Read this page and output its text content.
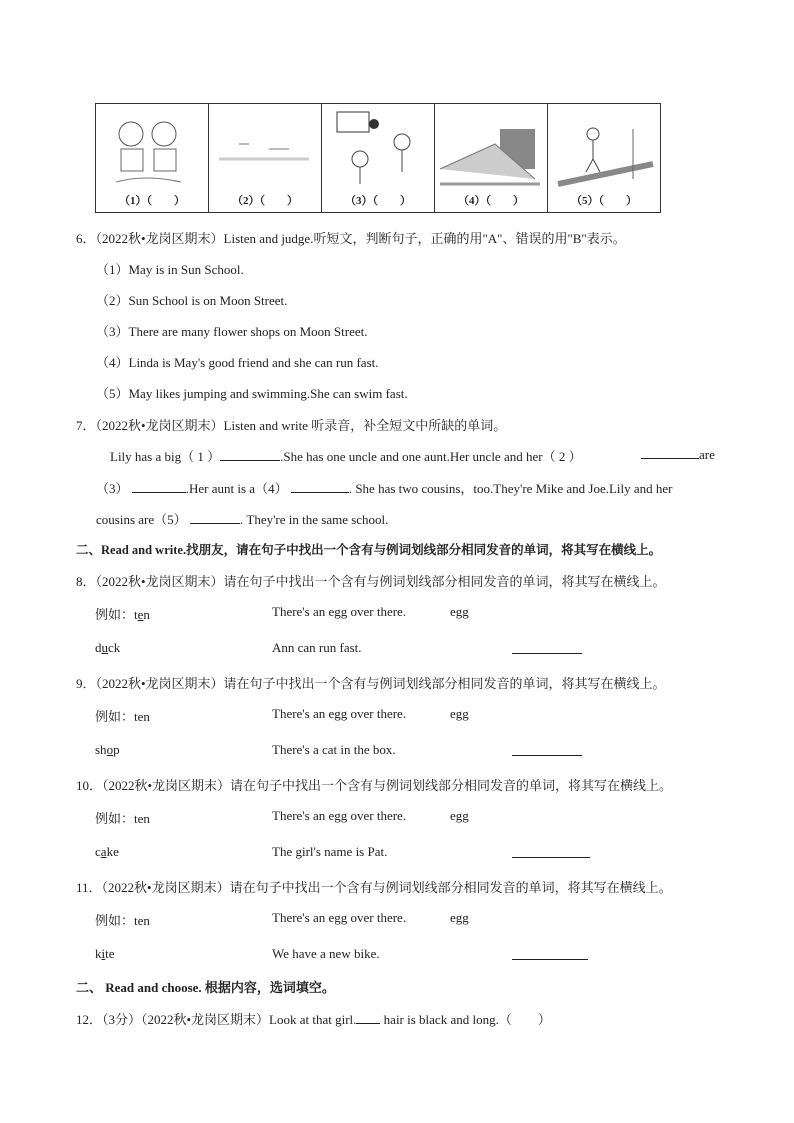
（1）（　　）	（2）（　　）	（3）（　　）	（4）（　　）	（5）（　　）
6．（2022秋•龙岗区期末）Listen and judge.听短文，判断句子，正确的用"A"、错误的用"B"表示。
（1）May is in Sun School.
（2）Sun School is on Moon Street.
（3）There are many flower shops on Moon Street.
（4）Linda is May's good friend and she can run fast.
（5）May likes jumping and swimming.She can swim fast.
7．（2022秋•龙岗区期末）Listen and write 听录音，补全短文中所缺的单词。
Lily has a big（ 1 ）	.She has one uncle and one aunt.Her uncle and her（ 2 ）	are
（3）	.Her aunt is a（4）	. She has two cousins，too.They're Mike and Joe.Lily and her
cousins are（5）	. They're in the same school.
二、Read and write.找朋友，请在句子中找出一个含有与例词划线部分相同发音的单词，将其写在横线上。
8．（2022秋•龙岗区期末）请在句子中找出一个含有与例词划线部分相同发音的单词，将其写在横线上。
例如：ten	There's an egg over there.	egg
duck	Ann can run fast.
9．（2022秋•龙岗区期末）请在句子中找出一个含有与例词划线部分相同发音的单词，将其写在横线上。
例如：ten	There's an egg over there.	egg
shop	There's a cat in the box.
10．（2022秋•龙岗区期末）请在句子中找出一个含有与例词划线部分相同发音的单词，将其写在横线上。
例如：ten	There's an egg over there.	egg
cake	The girl's name is Pat.
11．（2022秋•龙岗区期末）请在句子中找出一个含有与例词划线部分相同发音的单词，将其写在横线上。
例如：ten	There's an egg over there.	egg
kite	We have a new bike.
二、 Read and choose. 根据内容，选词填空。
12．（3分）（2022秋•龙岗区期末）Look at that girl. hair is black and long.（　　）
